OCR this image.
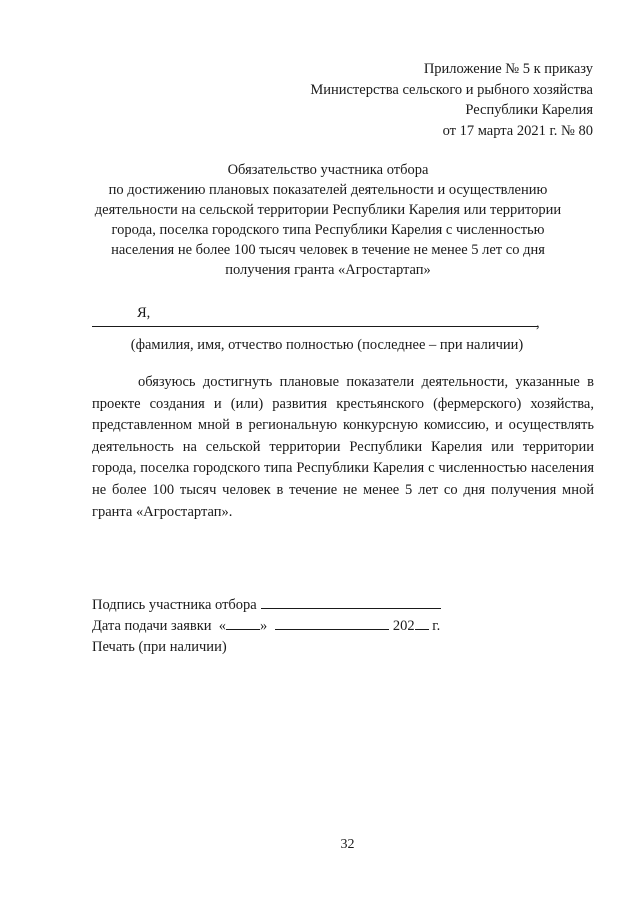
Приложение № 5 к приказу
Министерства сельского и рыбного хозяйства
Республики Карелия
от 17 марта 2021 г. № 80
Обязательство участника отбора
по достижению плановых показателей деятельности и осуществлению
деятельности на сельской территории Республики Карелия или территории
города, поселка городского типа Республики Карелия с численностью
населения не более 100 тысяч человек в течение не менее 5 лет со дня
получения гранта «Агростартап»
Я,
,
(фамилия, имя, отчество полностью (последнее – при наличии)
обязуюсь достигнуть плановые показатели деятельности, указанные в проекте создания и (или) развития крестьянского (фермерского) хозяйства, представленном мной в региональную конкурсную комиссию, и осуществлять деятельность на сельской территории Республики Карелия или территории города, поселка городского типа Республики Карелия с численностью населения не более 100 тысяч человек в течение не менее 5 лет со дня получения мной гранта «Агростартап».
Подпись участника отбора
Дата подачи заявки « »	202 г.
Печать (при наличии)
32
